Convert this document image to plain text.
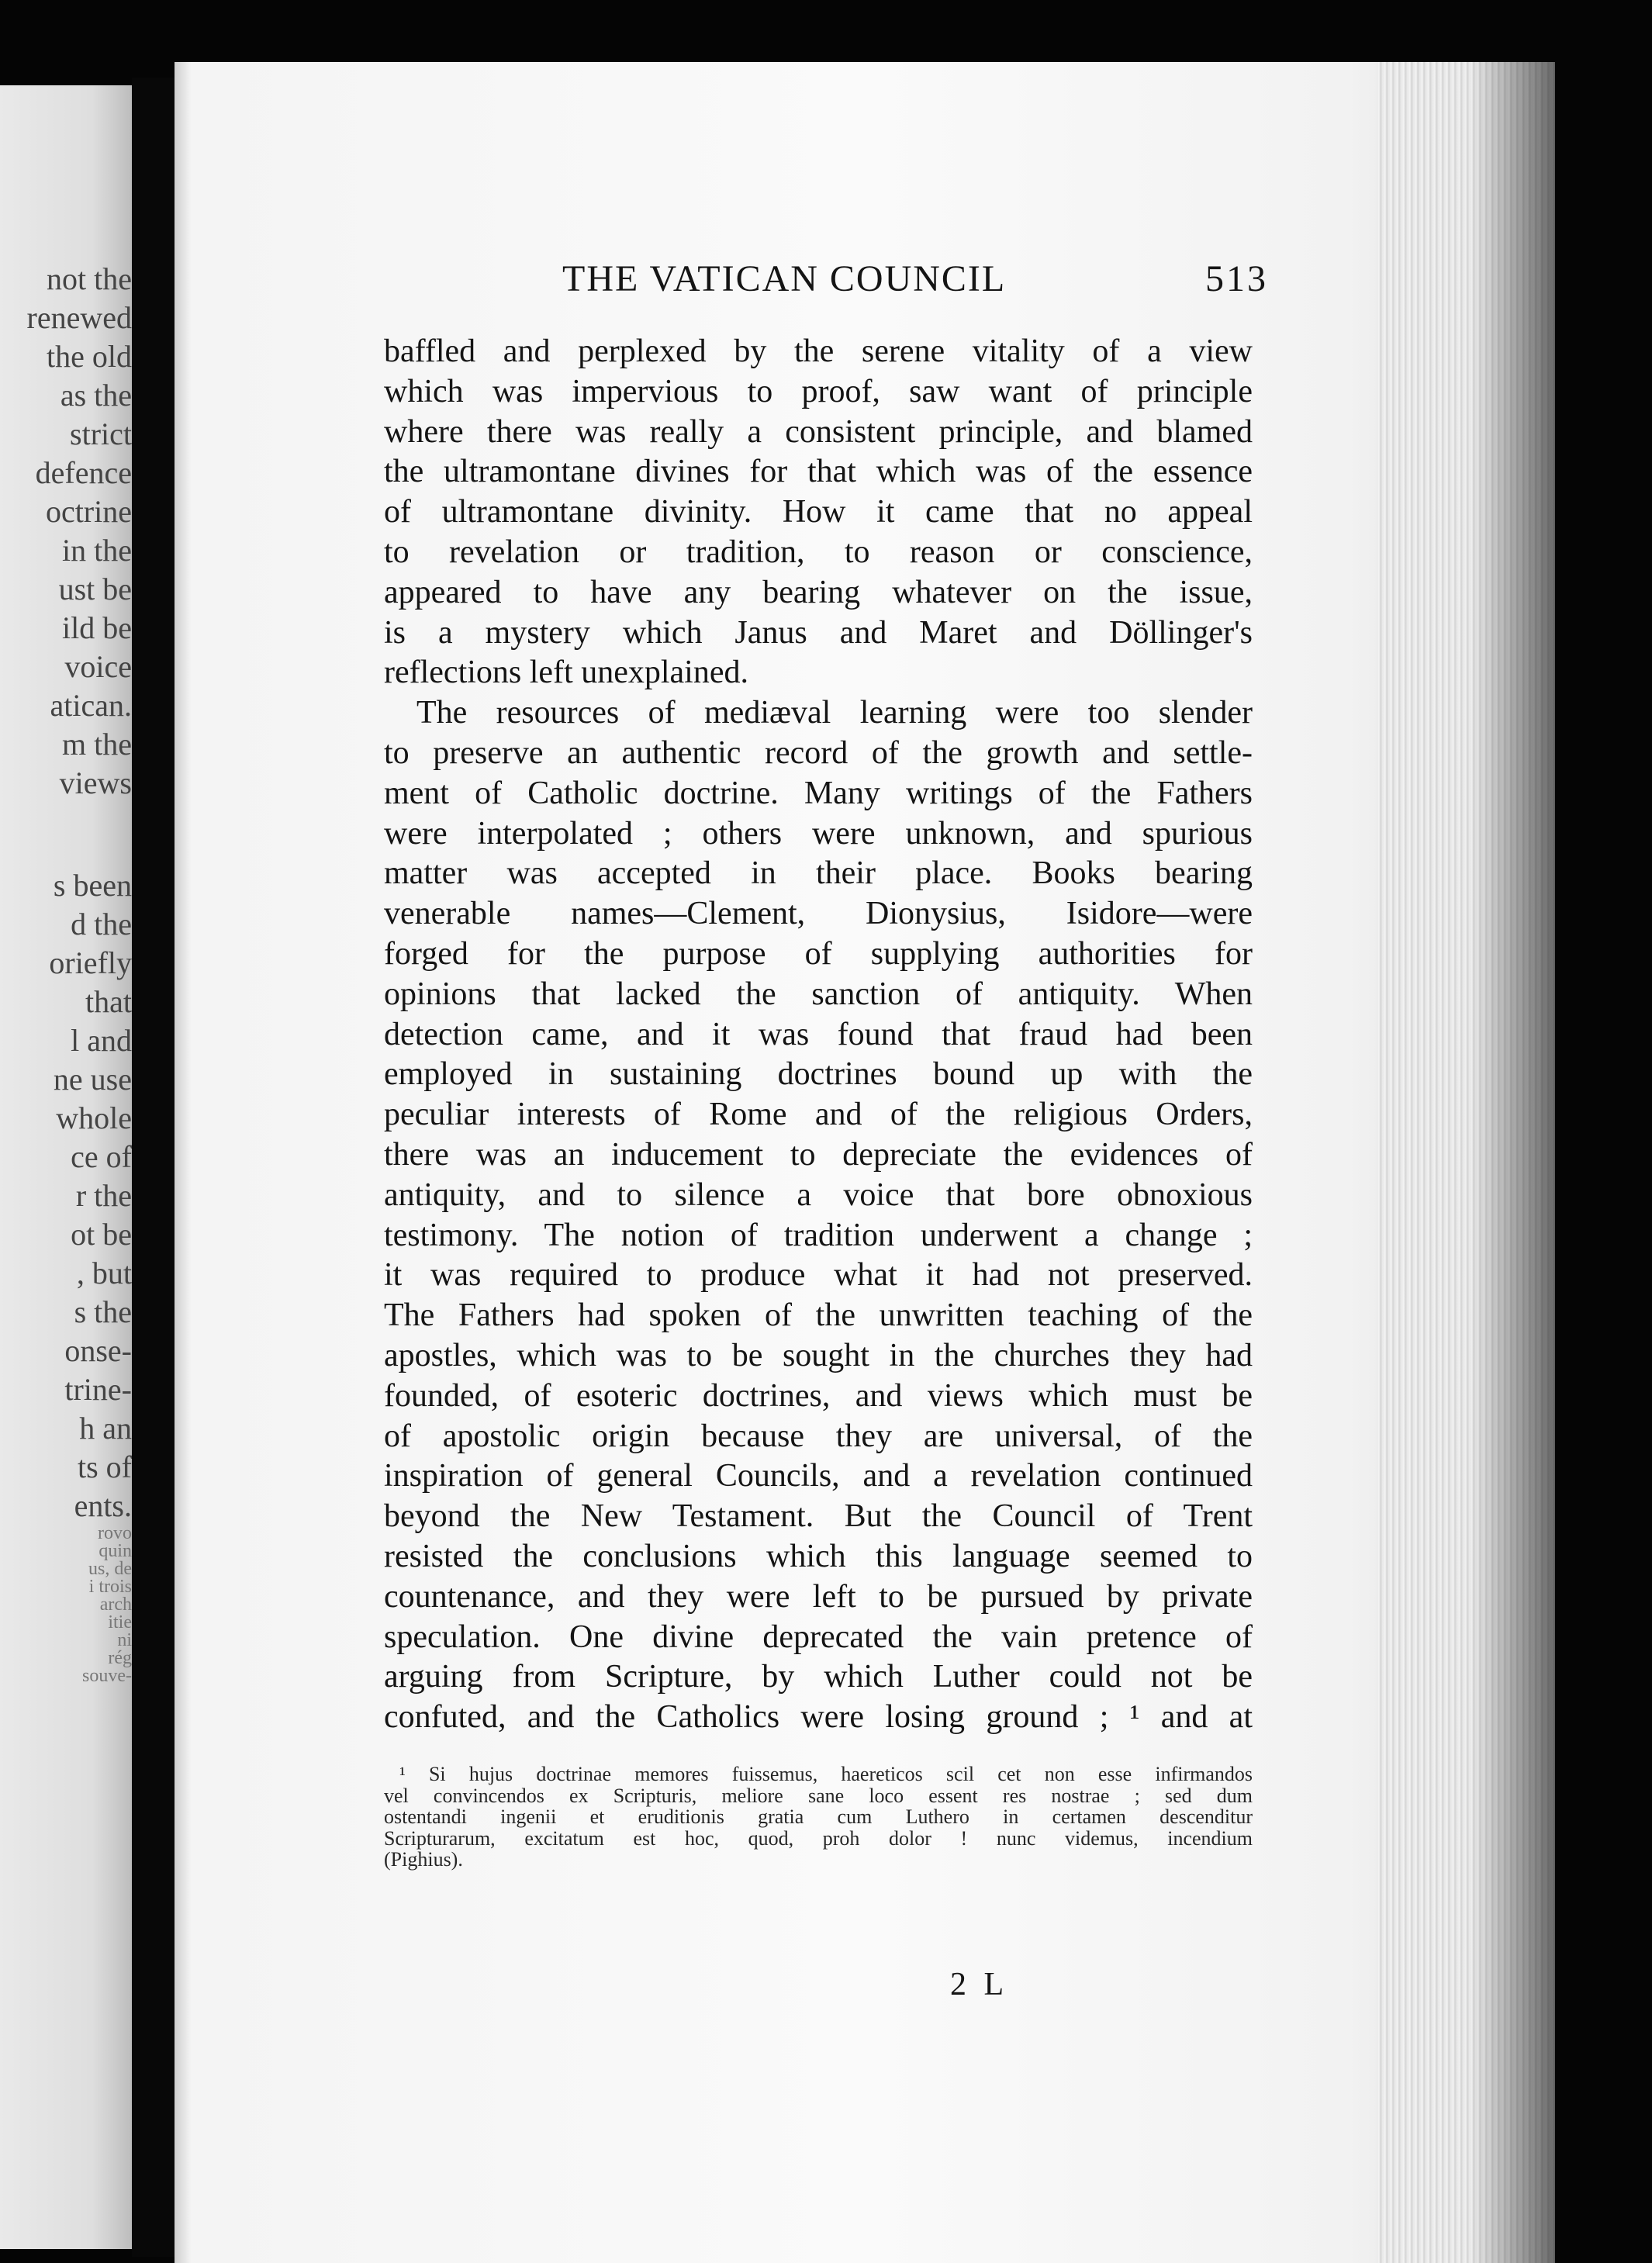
not the
renewed
the old
as the
strict
defence
octrine
in the
ust be
ild be
voice
atican.
m the
views
s been
d the
oriefly
that
l and
ne use
whole
ce of
r the
ot be
, but
s the
onse-
trine-
h an
ts of
ents.
rovo
quin
us, de
i trois
arch
itie
ni
rég
souve-
THE VATICAN COUNCIL	513
baffled and perplexed by the serene vitality of a view
which was impervious to proof, saw want of principle
where there was really a consistent principle, and blamed
the ultramontane divines for that which was of the essence
of ultramontane divinity. How it came that no appeal
to revelation or tradition, to reason or conscience,
appeared to have any bearing whatever on the issue,
is a mystery which Janus and Maret and Döllinger's
reflections left unexplained.
The resources of mediæval learning were too slender
to preserve an authentic record of the growth and settle-
ment of Catholic doctrine. Many writings of the Fathers
were interpolated ; others were unknown, and spurious
matter was accepted in their place. Books bearing
venerable names—Clement, Dionysius, Isidore—were
forged for the purpose of supplying authorities for
opinions that lacked the sanction of antiquity. When
detection came, and it was found that fraud had been
employed in sustaining doctrines bound up with the
peculiar interests of Rome and of the religious Orders,
there was an inducement to depreciate the evidences of
antiquity, and to silence a voice that bore obnoxious
testimony. The notion of tradition underwent a change ;
it was required to produce what it had not preserved.
The Fathers had spoken of the unwritten teaching of the
apostles, which was to be sought in the churches they had
founded, of esoteric doctrines, and views which must be
of apostolic origin because they are universal, of the
inspiration of general Councils, and a revelation continued
beyond the New Testament. But the Council of Trent
resisted the conclusions which this language seemed to
countenance, and they were left to be pursued by private
speculation. One divine deprecated the vain pretence of
arguing from Scripture, by which Luther could not be
confuted, and the Catholics were losing ground ; ¹ and at
¹ Si hujus doctrinae memores fuissemus, haereticos scil cet non esse infirmandos
vel convincendos ex Scripturis, meliore sane loco essent res nostrae ; sed dum
ostentandi ingenii et eruditionis gratia cum Luthero in certamen descenditur
Scripturarum, excitatum est hoc, quod, proh dolor ! nunc videmus, incendium
(Pighius).
2 L
